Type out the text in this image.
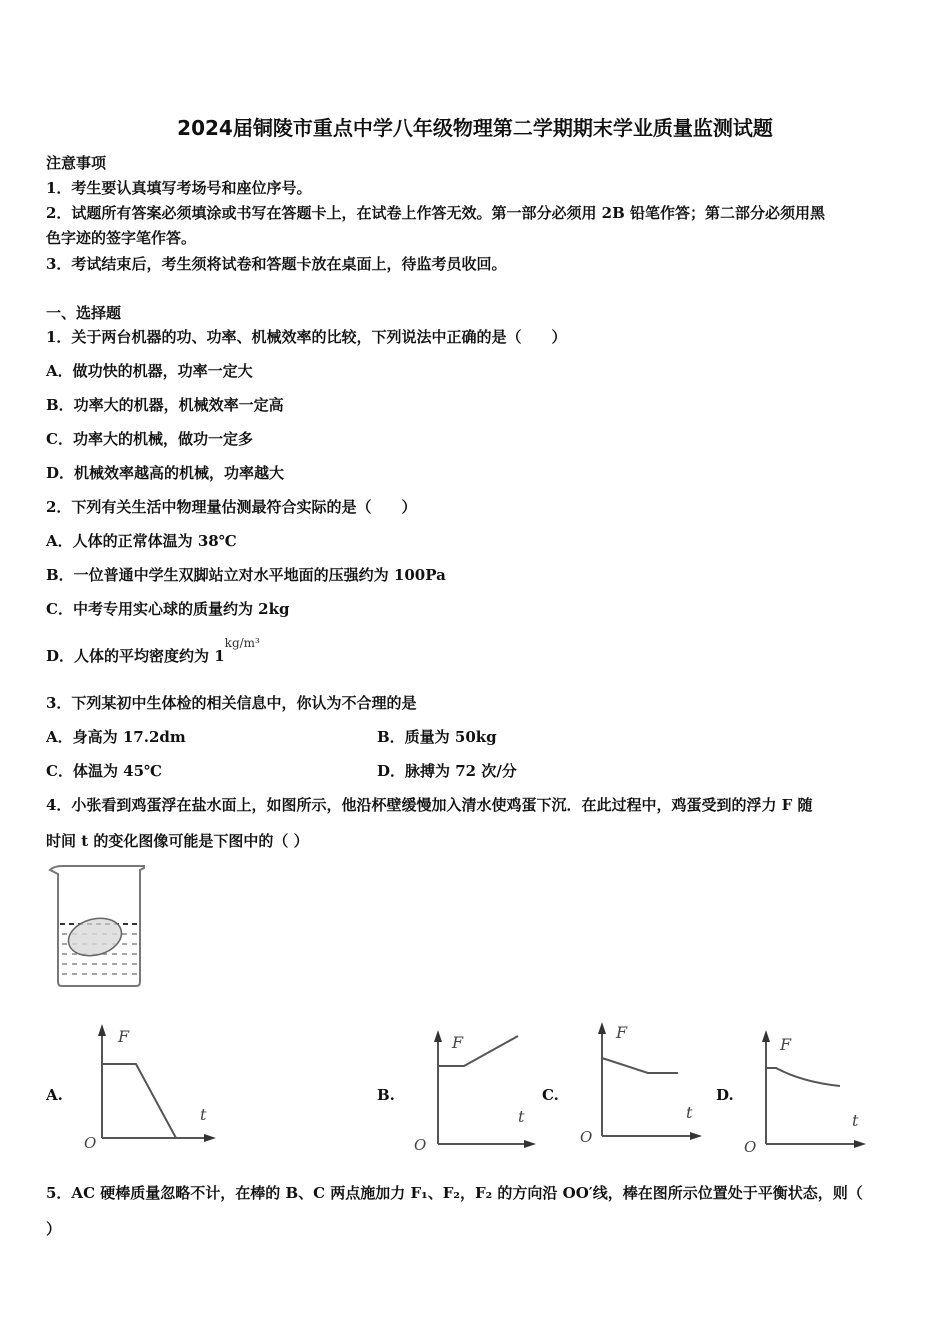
2024届铜陵市重点中学八年级物理第二学期期末学业质量监测试题
注意事项
1．考生要认真填写考场号和座位序号。
2．试题所有答案必须填涂或书写在答题卡上，在试卷上作答无效。第一部分必须用 2B 铅笔作答；第二部分必须用黑
色字迹的签字笔作答。
3．考试结束后，考生须将试卷和答题卡放在桌面上，待监考员收回。
一、选择题
1．关于两台机器的功、功率、机械效率的比较，下列说法中正确的是（　　）
A．做功快的机器，功率一定大
B．功率大的机器，机械效率一定高
C．功率大的机械，做功一定多
D．机械效率越高的机械，功率越大
2．下列有关生活中物理量估测最符合实际的是（　　）
A．人体的正常体温为 38℃
B．一位普通中学生双脚站立对水平地面的压强约为 100Pa
C．中考专用实心球的质量约为 2kg
D．人体的平均密度约为 $1^{kg/m^3}$
3．下列某初中生体检的相关信息中，你认为不合理的是
A．身高为 17.2dm	B．质量为 50kg
C．体温为 45℃	D．脉搏为 72 次/分
4．小张看到鸡蛋浮在盐水面上，如图所示，他沿杯壁缓慢加入清水使鸡蛋下沉．在此过程中，鸡蛋受到的浮力 F 随
时间 t 的变化图像可能是下图中的（ ）
A.
F
t
O
B.
F
t
O
C.
F
t
O
D.
F
t
O
5．AC 硬棒质量忽略不计，在棒的 B、C 两点施加力 F₁、F₂，F₂ 的方向沿 OO′线，棒在图所示位置处于平衡状态，则（
）
